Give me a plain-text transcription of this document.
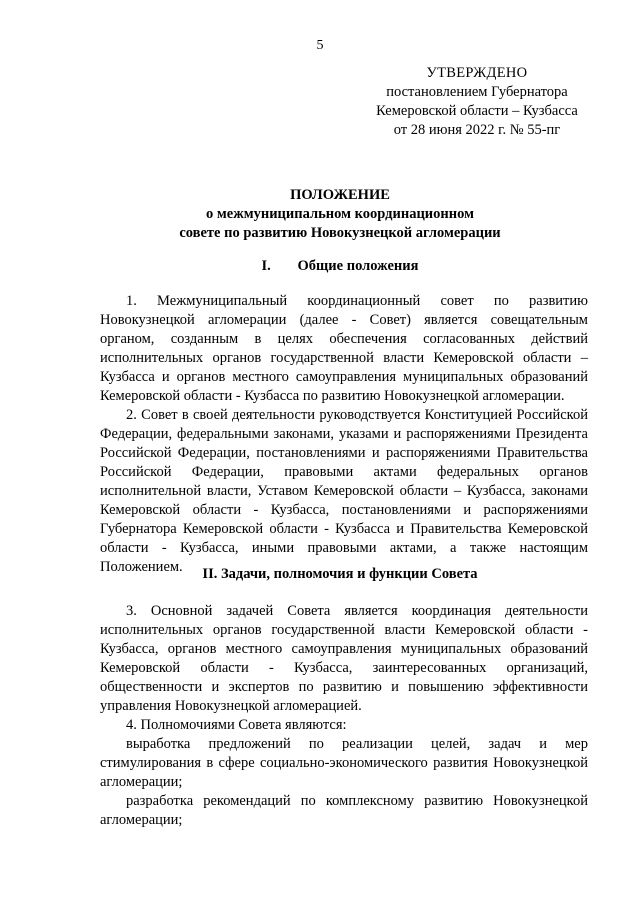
5
УТВЕРЖДЕНО
постановлением Губернатора
Кемеровской области – Кузбасса
от 28 июня 2022 г. № 55-пг
ПОЛОЖЕНИЕ
о межмуниципальном координационном
совете по развитию Новокузнецкой агломерации
I. Общие положения

1. Межмуниципальный координационный совет по развитию Новокузнецкой агломерации (далее - Совет) является совещательным органом, созданным в целях обеспечения согласованных действий исполнительных органов государственной власти Кемеровской области – Кузбасса и органов местного самоуправления муниципальных образований Кемеровской области - Кузбасса по развитию Новокузнецкой агломерации.

2. Совет в своей деятельности руководствуется Конституцией Российской Федерации, федеральными законами, указами и распоряжениями Президента Российской Федерации, постановлениями и распоряжениями Правительства Российской Федерации, правовыми актами федеральных органов исполнительной власти, Уставом Кемеровской области – Кузбасса, законами Кемеровской области - Кузбасса, постановлениями и распоряжениями Губернатора Кемеровской области - Кузбасса и Правительства Кемеровской области - Кузбасса, иными правовыми актами, а также настоящим Положением.	II. Задачи, полномочия и функции Совета

3. Основной задачей Совета является координация деятельности исполнительных органов государственной власти Кемеровской области - Кузбасса, органов местного самоуправления муниципальных образований Кемеровской области - Кузбасса, заинтересованных организаций, общественности и экспертов по развитию и повышению эффективности управления Новокузнецкой агломерацией.

4. Полномочиями Совета являются:

выработка предложений по реализации целей, задач и мер стимулирования в сфере социально-экономического развития Новокузнецкой агломерации;

разработка рекомендаций по комплексному развитию Новокузнецкой агломерации;
